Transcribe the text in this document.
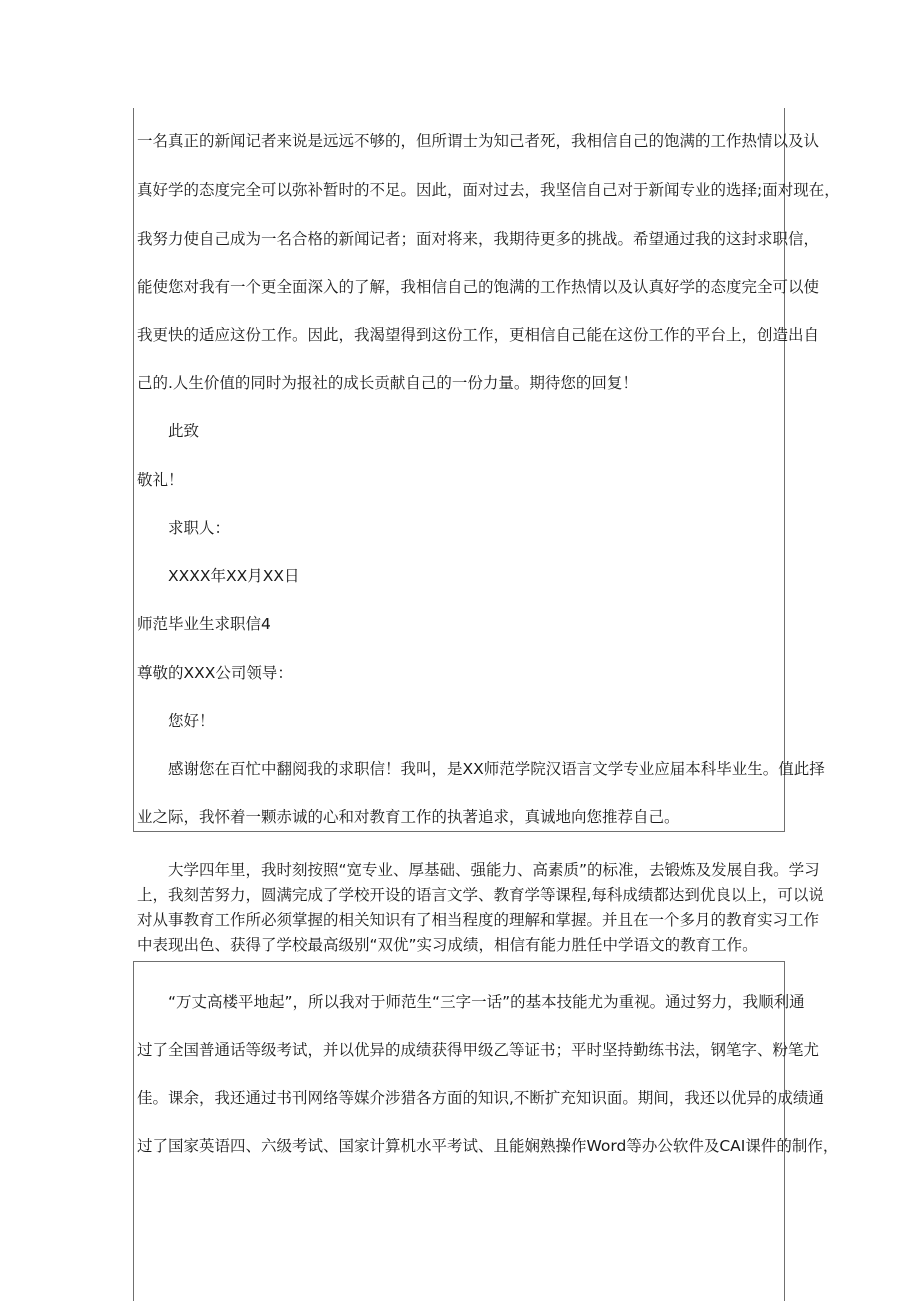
一名真正的新闻记者来说是远远不够的，但所谓士为知己者死，我相信自己的饱满的工作热情以及认
真好学的态度完全可以弥补暂时的不足。因此，面对过去，我坚信自己对于新闻专业的选择;面对现在，
我努力使自己成为一名合格的新闻记者；面对将来，我期待更多的挑战。希望通过我的这封求职信，
能使您对我有一个更全面深入的了解，我相信自己的饱满的工作热情以及认真好学的态度完全可以使
我更快的适应这份工作。因此，我渴望得到这份工作，更相信自己能在这份工作的平台上，创造出自
己的.人生价值的同时为报社的成长贡献自己的一份力量。期待您的回复！
此致
敬礼！
求职人：
XXXX年XX月XX日
师范毕业生求职信4
尊敬的XXX公司领导：
您好！
感谢您在百忙中翻阅我的求职信！我叫，是XX师范学院汉语言文学专业应届本科毕业生。值此择
业之际，我怀着一颗赤诚的心和对教育工作的执著追求，真诚地向您推荐自己。
大学四年里，我时刻按照“宽专业、厚基础、强能力、高素质”的标准，去锻炼及发展自我。学习
上，我刻苦努力，圆满完成了学校开设的语言文学、教育学等课程,每科成绩都达到优良以上，可以说
对从事教育工作所必须掌握的相关知识有了相当程度的理解和掌握。并且在一个多月的教育实习工作
中表现出色、获得了学校最高级别“双优”实习成绩，相信有能力胜任中学语文的教育工作。
“万丈高楼平地起”，所以我对于师范生“三字一话”的基本技能尤为重视。通过努力，我顺利通
过了全国普通话等级考试，并以优异的成绩获得甲级乙等证书；平时坚持勤练书法，钢笔字、粉笔尤
佳。课余，我还通过书刊网络等媒介涉猎各方面的知识,不断扩充知识面。期间，我还以优异的成绩通
过了国家英语四、六级考试、国家计算机水平考试、且能娴熟操作Word等办公软件及CAI课件的制作，
